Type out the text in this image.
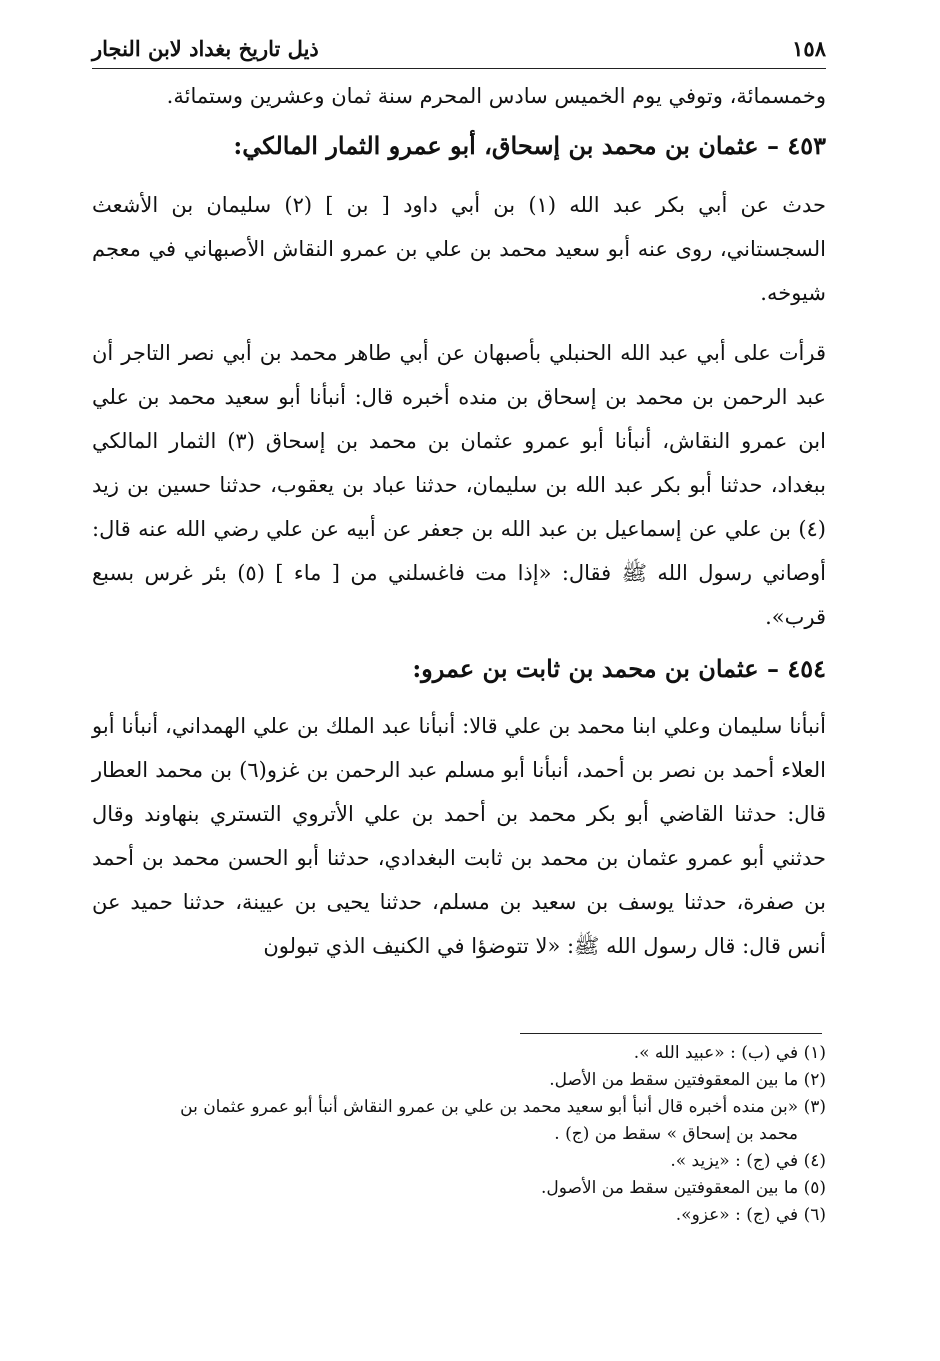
ذيل تاريخ بغداد لابن النجار	١٥٨
وخمسمائة، وتوفي يوم الخميس سادس المحرم سنة ثمان وعشرين وستمائة.
٤٥٣ – عثمان بن محمد بن إسحاق، أبو عمرو الثمار المالكي:
حدث عن أبي بكر عبد الله (١) بن أبي داود [ بن ] (٢) سليمان بن الأشعث السجستاني، روى عنه أبو سعيد محمد بن علي بن عمرو النقاش الأصبهاني في معجم شيوخه.
قرأت على أبي عبد الله الحنبلي بأصبهان عن أبي طاهر محمد بن أبي نصر التاجر أن عبد الرحمن بن محمد بن إسحاق بن منده أخبره قال: أنبأنا أبو سعيد محمد بن علي ابن عمرو النقاش، أنبأنا أبو عمرو عثمان بن محمد بن إسحاق (٣) الثمار المالكي ببغداد، حدثنا أبو بكر عبد الله بن سليمان، حدثنا عباد بن يعقوب، حدثنا حسين بن زيد (٤) بن علي عن إسماعيل بن عبد الله بن جعفر عن أبيه عن علي رضي الله عنه قال: أوصاني رسول الله ﷺ فقال: «إذا مت فاغسلني من [ ماء ] (٥) بئر غرس بسبع قرب».
٤٥٤ – عثمان بن محمد بن ثابت بن عمرو:
أنبأنا سليمان وعلي ابنا محمد بن علي قالا: أنبأنا عبد الملك بن علي الهمداني، أنبأنا أبو العلاء أحمد بن نصر بن أحمد، أنبأنا أبو مسلم عبد الرحمن بن غزو(٦) بن محمد العطار قال: حدثنا القاضي أبو بكر محمد بن أحمد بن علي الأتروي التستري بنهاوند وقال حدثني أبو عمرو عثمان بن محمد بن ثابت البغدادي، حدثنا أبو الحسن محمد بن أحمد بن صفرة، حدثنا يوسف بن سعيد بن مسلم، حدثنا يحيى بن عيينة، حدثنا حميد عن أنس قال: قال رسول الله ﷺ: «لا تتوضؤا في الكنيف الذي تبولون
(١) في (ب) : «عبيد الله ».
(٢) ما بين المعقوفتين سقط من الأصل.
(٣) «بن منده أخبره قال أنبأ أبو سعيد محمد بن علي بن عمرو النقاش أنبأ أبو عمرو عثمان بن
محمد بن إسحاق » سقط من (ج) .
(٤) في (ج) : «يزيد ».
(٥) ما بين المعقوفتين سقط من الأصول.
(٦) في (ج) : «عزو».
